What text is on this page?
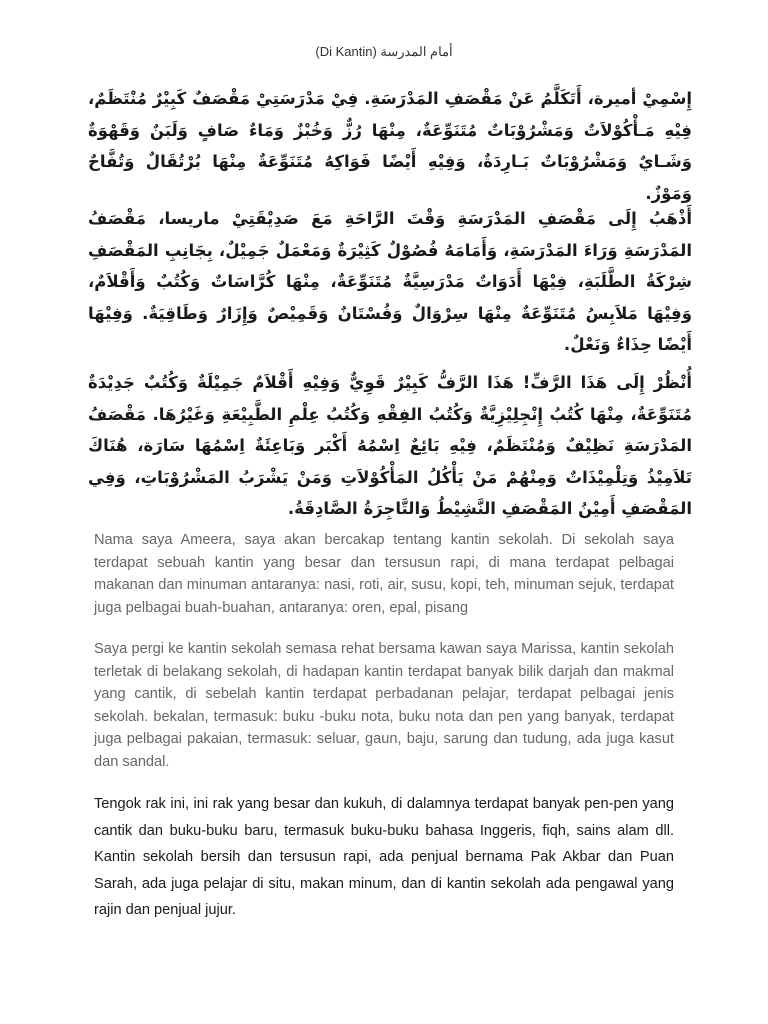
(Di Kantin) أمام المدرسة
إِسْمِيْ أميرة، أَتَكَلَّمُ عَنْ مَقْصَفِ المَدْرَسَةِ. فِيْ مَدْرَسَتِيْ مَقْصَفٌ كَبِيْرٌ مُنْتَظَمٌ، فِيْهِ مَـأْكُوْلاَتٌ وَمَشْرُوْبَاتٌ مُتَنَوِّعَةٌ، مِنْهَا رُزٌّ وَخُبْزٌ وَمَاءٌ صَافٍ وَلَبَنٌ وَقَهْوَةٌ وَشَـايٌ وَمَشْرُوْبَاتٌ بَـارِدَةٌ، وَفِيْهِ أَيْضًا فَوَاكِهُ مُتَنَوِّعَةٌ مِنْهَا بُرْتُقَالٌ وَتُفَّاحٌ وَمَوْزٌ.
أَذْهَبُ إِلَى مَقْصَفِ المَدْرَسَةِ وَقْتَ الرَّاحَةِ مَعَ صَدِيْقَتِيْ ماريسا، مَقْصَفُ المَدْرَسَةِ وَرَاءَ المَدْرَسَةِ، وَأَمَامَهُ فُصُوْلٌ كَثِيْرَةٌ وَمَعْمَلٌ جَمِيْلٌ، بِجَانِبِ المَقْصَفِ شِرْكَةُ الطَّلَبَةِ، فِيْهَا أَدَوَاتٌ مَدْرَسِيَّةٌ مُتَنَوِّعَةٌ، مِنْهَا كُرَّاسَاتٌ وَكُتُبٌ وَأَقْلاَمٌ، وَفِيْهَا مَلاَبِسُ مُتَنَوِّعَةٌ مِنْهَا سِرْوَالٌ وَفُسْتَانٌ وَقَمِيْصٌ وَإِزَارٌ وَطَاقِيَةٌ. وَفِيْهَا أَيْضًا حِذَاءٌ وَنَعْلٌ.
أُنْظُرْ إِلَى هَذَا الرَّفِّ! هَذَا الرَّفُّ كَبِيْرٌ قَوِيٌّ وَفِيْهِ أَقْلاَمٌ جَمِيْلَةٌ وَكُتُبٌ جَدِيْدَةٌ مُتَنَوِّعَةٌ، مِنْهَا كُتُبُ إِنْجِلِيْزِيَّةٌ وَكُتُبُ الفِقْهِ وَكُتُبُ عِلْمِ الطَّبِيْعَةِ وَغَيْرُهَا. مَقْصَفُ المَدْرَسَةِ نَظِيْفٌ وَمُنْتَظَمٌ، فِيْهِ بَائِعٌ اِسْمُهُ أَكْبَر وَبَاعِئَةٌ اِسْمُهَا سَارَة، هُنَاكَ تَلاَمِيْذُ وَتِلْمِيْذَاتٌ وَمِنْهُمْ مَنْ يَأْكُلُ المَأْكُوْلاَتِ وَمَنْ يَشْرَبُ المَشْرُوْبَاتِ، وَفِي المَقْصَفِ أَمِيْنُ المَقْصَفِ النَّشِيْطُ وَالتَّاجِرَةُ الصَّادِقَةُ.
Nama saya Ameera, saya akan bercakap tentang kantin sekolah. Di sekolah saya terdapat sebuah kantin yang besar dan tersusun rapi, di mana terdapat pelbagai makanan dan minuman antaranya: nasi, roti, air, susu, kopi, teh, minuman sejuk, terdapat juga pelbagai buah-buahan, antaranya: oren, epal, pisang
Saya pergi ke kantin sekolah semasa rehat bersama kawan saya Marissa, kantin sekolah terletak di belakang sekolah, di hadapan kantin terdapat banyak bilik darjah dan makmal yang cantik, di sebelah kantin terdapat perbadanan pelajar, terdapat pelbagai jenis sekolah. bekalan, termasuk: buku -buku nota, buku nota dan pen yang banyak, terdapat juga pelbagai pakaian, termasuk: seluar, gaun, baju, sarung dan tudung, ada juga kasut dan sandal.
Tengok rak ini, ini rak yang besar dan kukuh, di dalamnya terdapat banyak pen-pen yang cantik dan buku-buku baru, termasuk buku-buku bahasa Inggeris, fiqh, sains alam dll. Kantin sekolah bersih dan tersusun rapi, ada penjual bernama Pak Akbar dan Puan Sarah, ada juga pelajar di situ, makan minum, dan di kantin sekolah ada pengawal yang rajin dan penjual jujur.
